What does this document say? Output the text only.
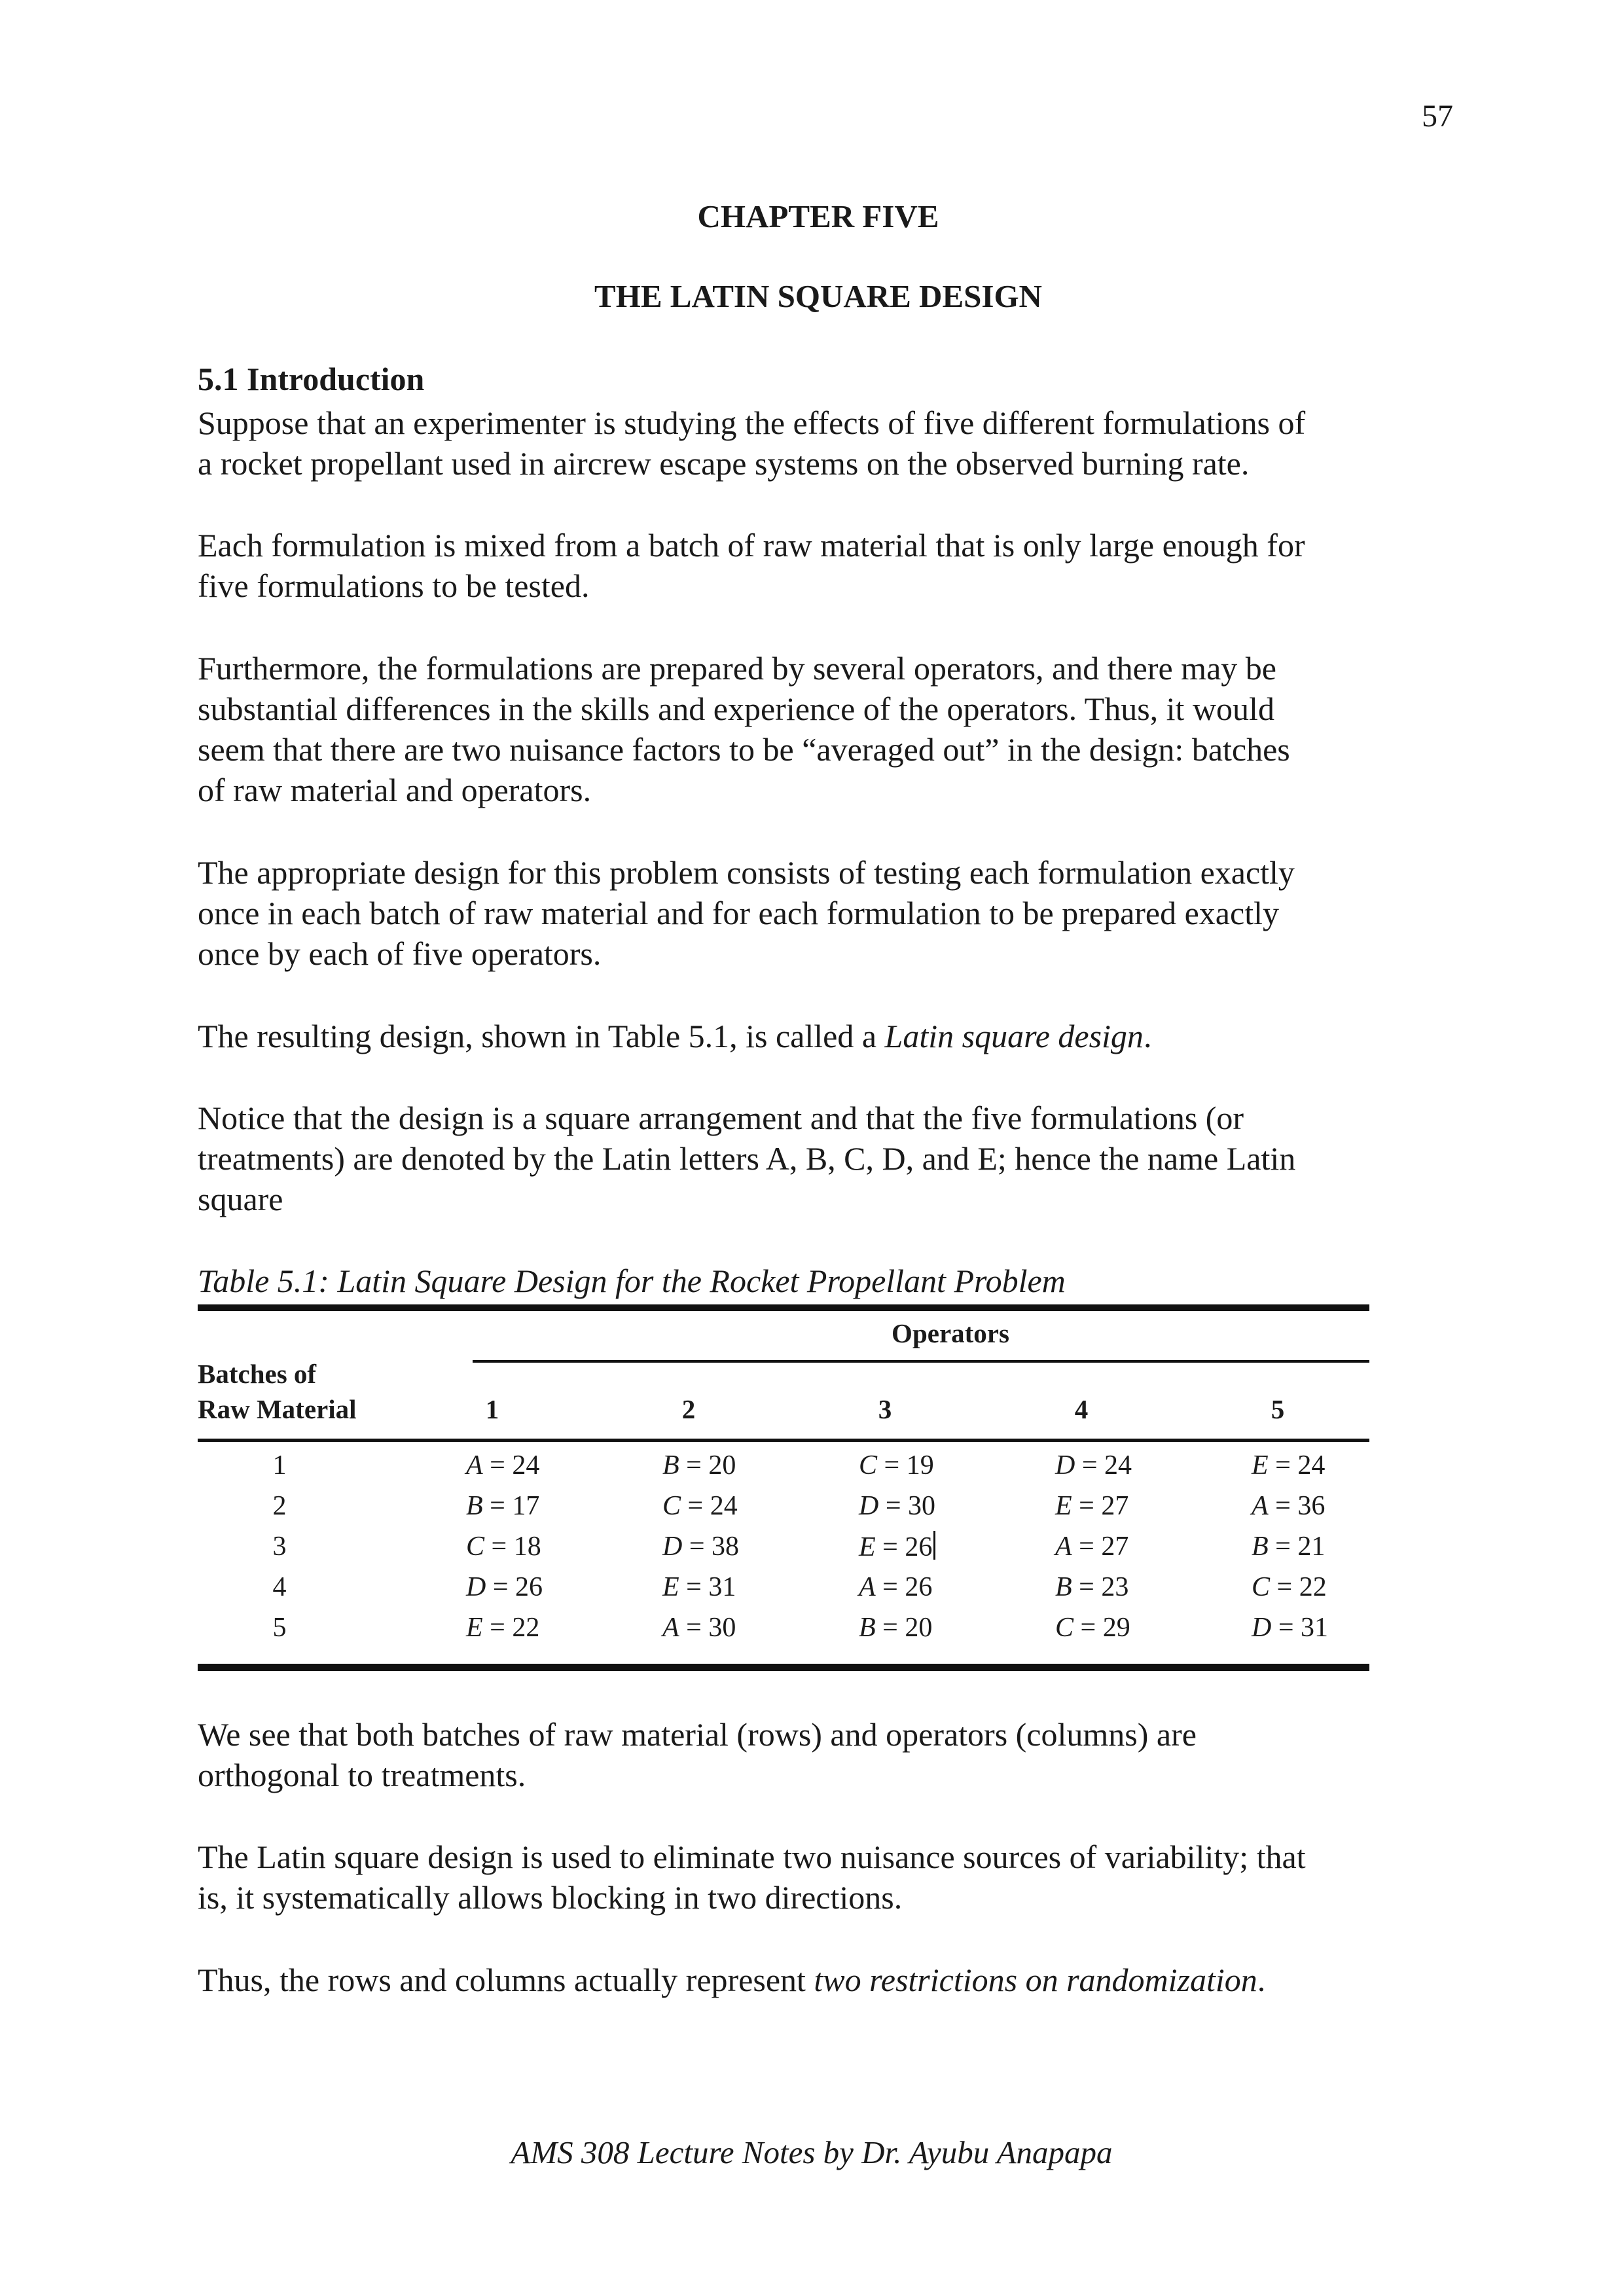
57
CHAPTER FIVE
THE LATIN SQUARE DESIGN
5.1 Introduction
Suppose that an experimenter is studying the effects of five different formulations of
a rocket propellant used in aircrew escape systems on the observed burning rate.
Each formulation is mixed from a batch of raw material that is only large enough for
five formulations to be tested.
Furthermore, the formulations are prepared by several operators, and there may be
substantial differences in the skills and experience of the operators. Thus, it would
seem that there are two nuisance factors to be “averaged out” in the design: batches
of raw material and operators.
The appropriate design for this problem consists of testing each formulation exactly
once in each batch of raw material and for each formulation to be prepared exactly
once by each of five operators.
The resulting design, shown in Table 5.1, is called a Latin square design.
Notice that the design is a square arrangement and that the five formulations (or
treatments) are denoted by the Latin letters A, B, C, D, and E; hence the name Latin
square
Table 5.1: Latin Square Design for the Rocket Propellant Problem
Operators
Batches of
Raw Material	1	2	3	4	5
1	A = 24	B = 20	C = 19	D = 24	E = 24
2	B = 17	C = 24	D = 30	E = 27	A = 36
3	C = 18	D = 38	E = 26	A = 27	B = 21
4	D = 26	E = 31	A = 26	B = 23	C = 22
5	E = 22	A = 30	B = 20	C = 29	D = 31
We see that both batches of raw material (rows) and operators (columns) are
orthogonal to treatments.
The Latin square design is used to eliminate two nuisance sources of variability; that
is, it systematically allows blocking in two directions.
Thus, the rows and columns actually represent two restrictions on randomization.
AMS 308 Lecture Notes by Dr. Ayubu Anapapa
